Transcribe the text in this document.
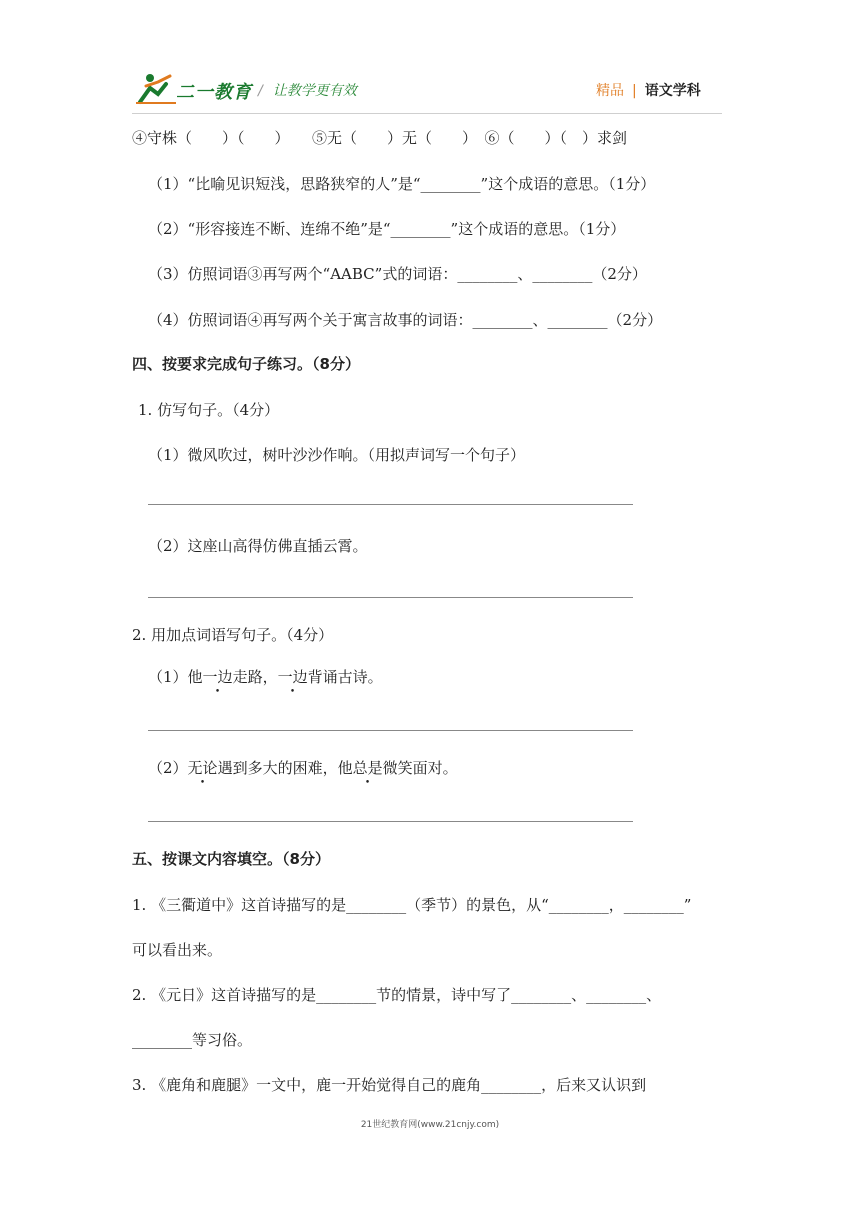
二一教育 / 让教学更有效	精品 | 语文学科
④守株（　　）（　　）　　⑤无（　　）无（　　）　⑥（　　）（　）求剑
（1）“比喻见识短浅，思路狭窄的人”是“________”这个成语的意思。（1分）
（2）“形容接连不断、连绵不绝”是“________”这个成语的意思。（1分）
（3）仿照词语③再写两个“AABC”式的词语：________、________（2分）
（4）仿照词语④再写两个关于寓言故事的词语：________、________（2分）
四、按要求完成句子练习。（8分）
1. 仿写句子。（4分）
（1）微风吹过，树叶沙沙作响。（用拟声词写一个句子）
（2）这座山高得仿佛直插云霄。
2. 用加点词语写句子。（4分）
（1）他一边走路，一边背诵古诗。
（2）无论遇到多大的困难，他总是微笑面对。
五、按课文内容填空。（8分）
1. 《三衢道中》这首诗描写的是________（季节）的景色，从“________，________”
可以看出来。
2. 《元日》这首诗描写的是________节的情景，诗中写了________、________、
________等习俗。
3. 《鹿角和鹿腿》一文中，鹿一开始觉得自己的鹿角________，后来又认识到
21世纪教育网(www.21cnjy.com)
